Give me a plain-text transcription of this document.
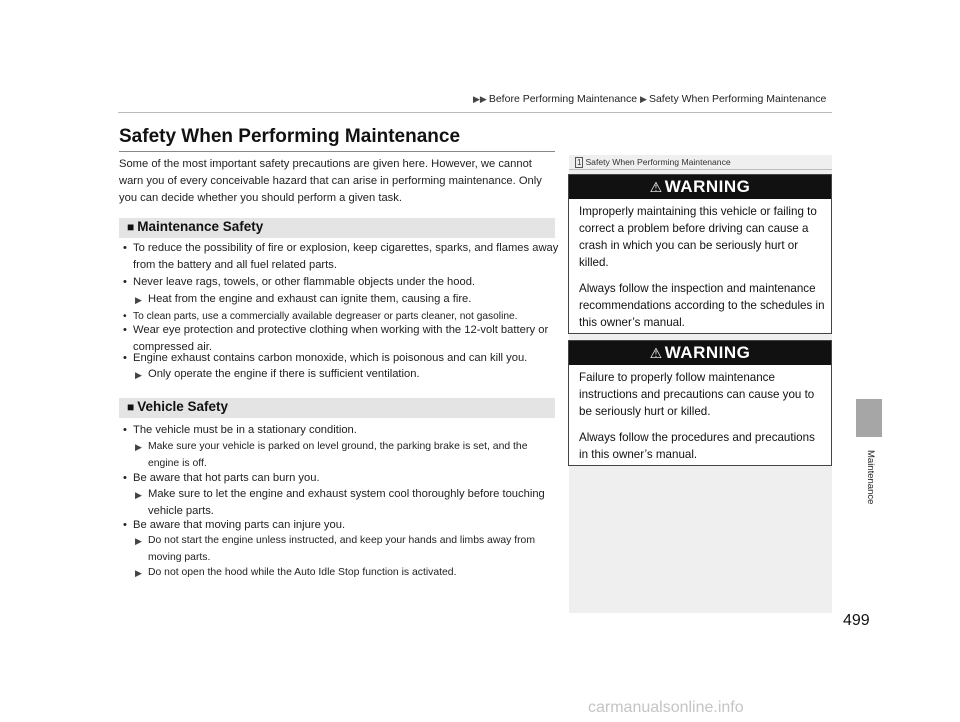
▶▶ Before Performing Maintenance ▶ Safety When Performing Maintenance
Safety When Performing Maintenance
Some of the most important safety precautions are given here. However, we cannot warn you of every conceivable hazard that can arise in performing maintenance. Only you can decide whether you should perform a given task.
■ Maintenance Safety
• To reduce the possibility of fire or explosion, keep cigarettes, sparks, and flames away from the battery and all fuel related parts.
• Never leave rags, towels, or other flammable objects under the hood.
▶ Heat from the engine and exhaust can ignite them, causing a fire.
• To clean parts, use a commercially available degreaser or parts cleaner, not gasoline.
• Wear eye protection and protective clothing when working with the 12-volt battery or compressed air.
• Engine exhaust contains carbon monoxide, which is poisonous and can kill you.
▶ Only operate the engine if there is sufficient ventilation.
■ Vehicle Safety
• The vehicle must be in a stationary condition.
▶ Make sure your vehicle is parked on level ground, the parking brake is set, and the engine is off.
• Be aware that hot parts can burn you.
▶ Make sure to let the engine and exhaust system cool thoroughly before touching vehicle parts.
• Be aware that moving parts can injure you.
▶ Do not start the engine unless instructed, and keep your hands and limbs away from moving parts.
▶ Do not open the hood while the Auto Idle Stop function is activated.
1 Safety When Performing Maintenance
⚠ WARNING

Improperly maintaining this vehicle or failing to correct a problem before driving can cause a crash in which you can be seriously hurt or killed.

Always follow the inspection and maintenance recommendations according to the schedules in this owner’s manual.

⚠ WARNING

Failure to properly follow maintenance instructions and precautions can cause you to be seriously hurt or killed.

Always follow the procedures and precautions in this owner’s manual.	Maintenance
499
carmanualsonline.info
